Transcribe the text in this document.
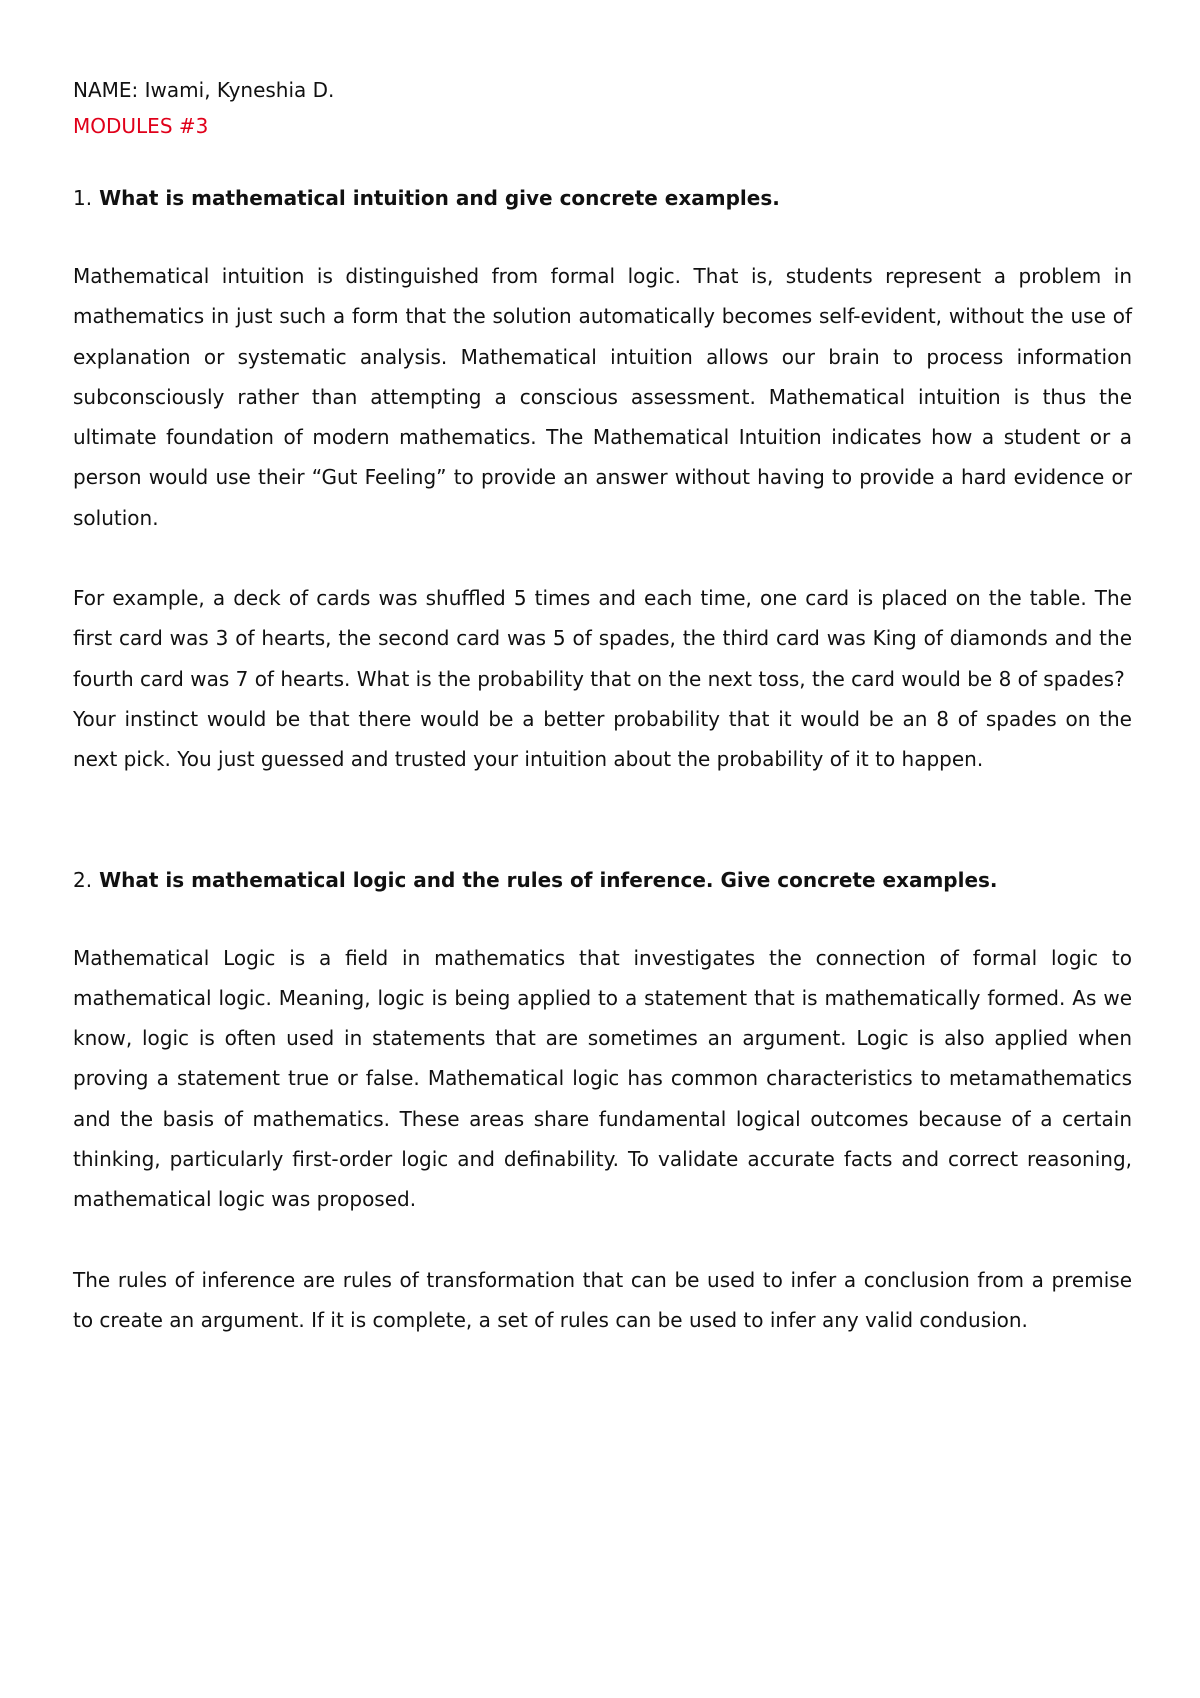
NAME: Iwami, Kyneshia D.
MODULES #3
1. What is mathematical intuition and give concrete examples.

Mathematical intuition is distinguished from formal logic. That is, students represent a problem in mathematics in just such a form that the solution automatically becomes self-evident, without the use of explanation or systematic analysis. Mathematical intuition allows our brain to process information subconsciously rather than attempting a conscious assessment. Mathematical intuition is thus the ultimate foundation of modern mathematics. The Mathematical Intuition indicates how a student or a person would use their “Gut Feeling” to provide an answer without having to provide a hard evidence or solution.

For example, a deck of cards was shuffled 5 times and each time, one card is placed on the table. The first card was 3 of hearts, the second card was 5 of spades, the third card was King of diamonds and the fourth card was 7 of hearts. What is the probability that on the next toss, the card would be 8 of spades?

Your instinct would be that there would be a better probability that it would be an 8 of spades on the next pick. You just guessed and trusted your intuition about the probability of it to happen.

2. What is mathematical logic and the rules of inference. Give concrete examples.

Mathematical Logic is a field in mathematics that investigates the connection of formal logic to mathematical logic. Meaning, logic is being applied to a statement that is mathematically formed. As we know, logic is often used in statements that are sometimes an argument. Logic is also applied when proving a statement true or false. Mathematical logic has common characteristics to metamathematics and the basis of mathematics. These areas share fundamental logical outcomes because of a certain thinking, particularly first-order logic and definability. To validate accurate facts and correct reasoning, mathematical logic was proposed.

The rules of inference are rules of transformation that can be used to infer a conclusion from a premise to create an argument. If it is complete, a set of rules can be used to infer any valid condusion.
